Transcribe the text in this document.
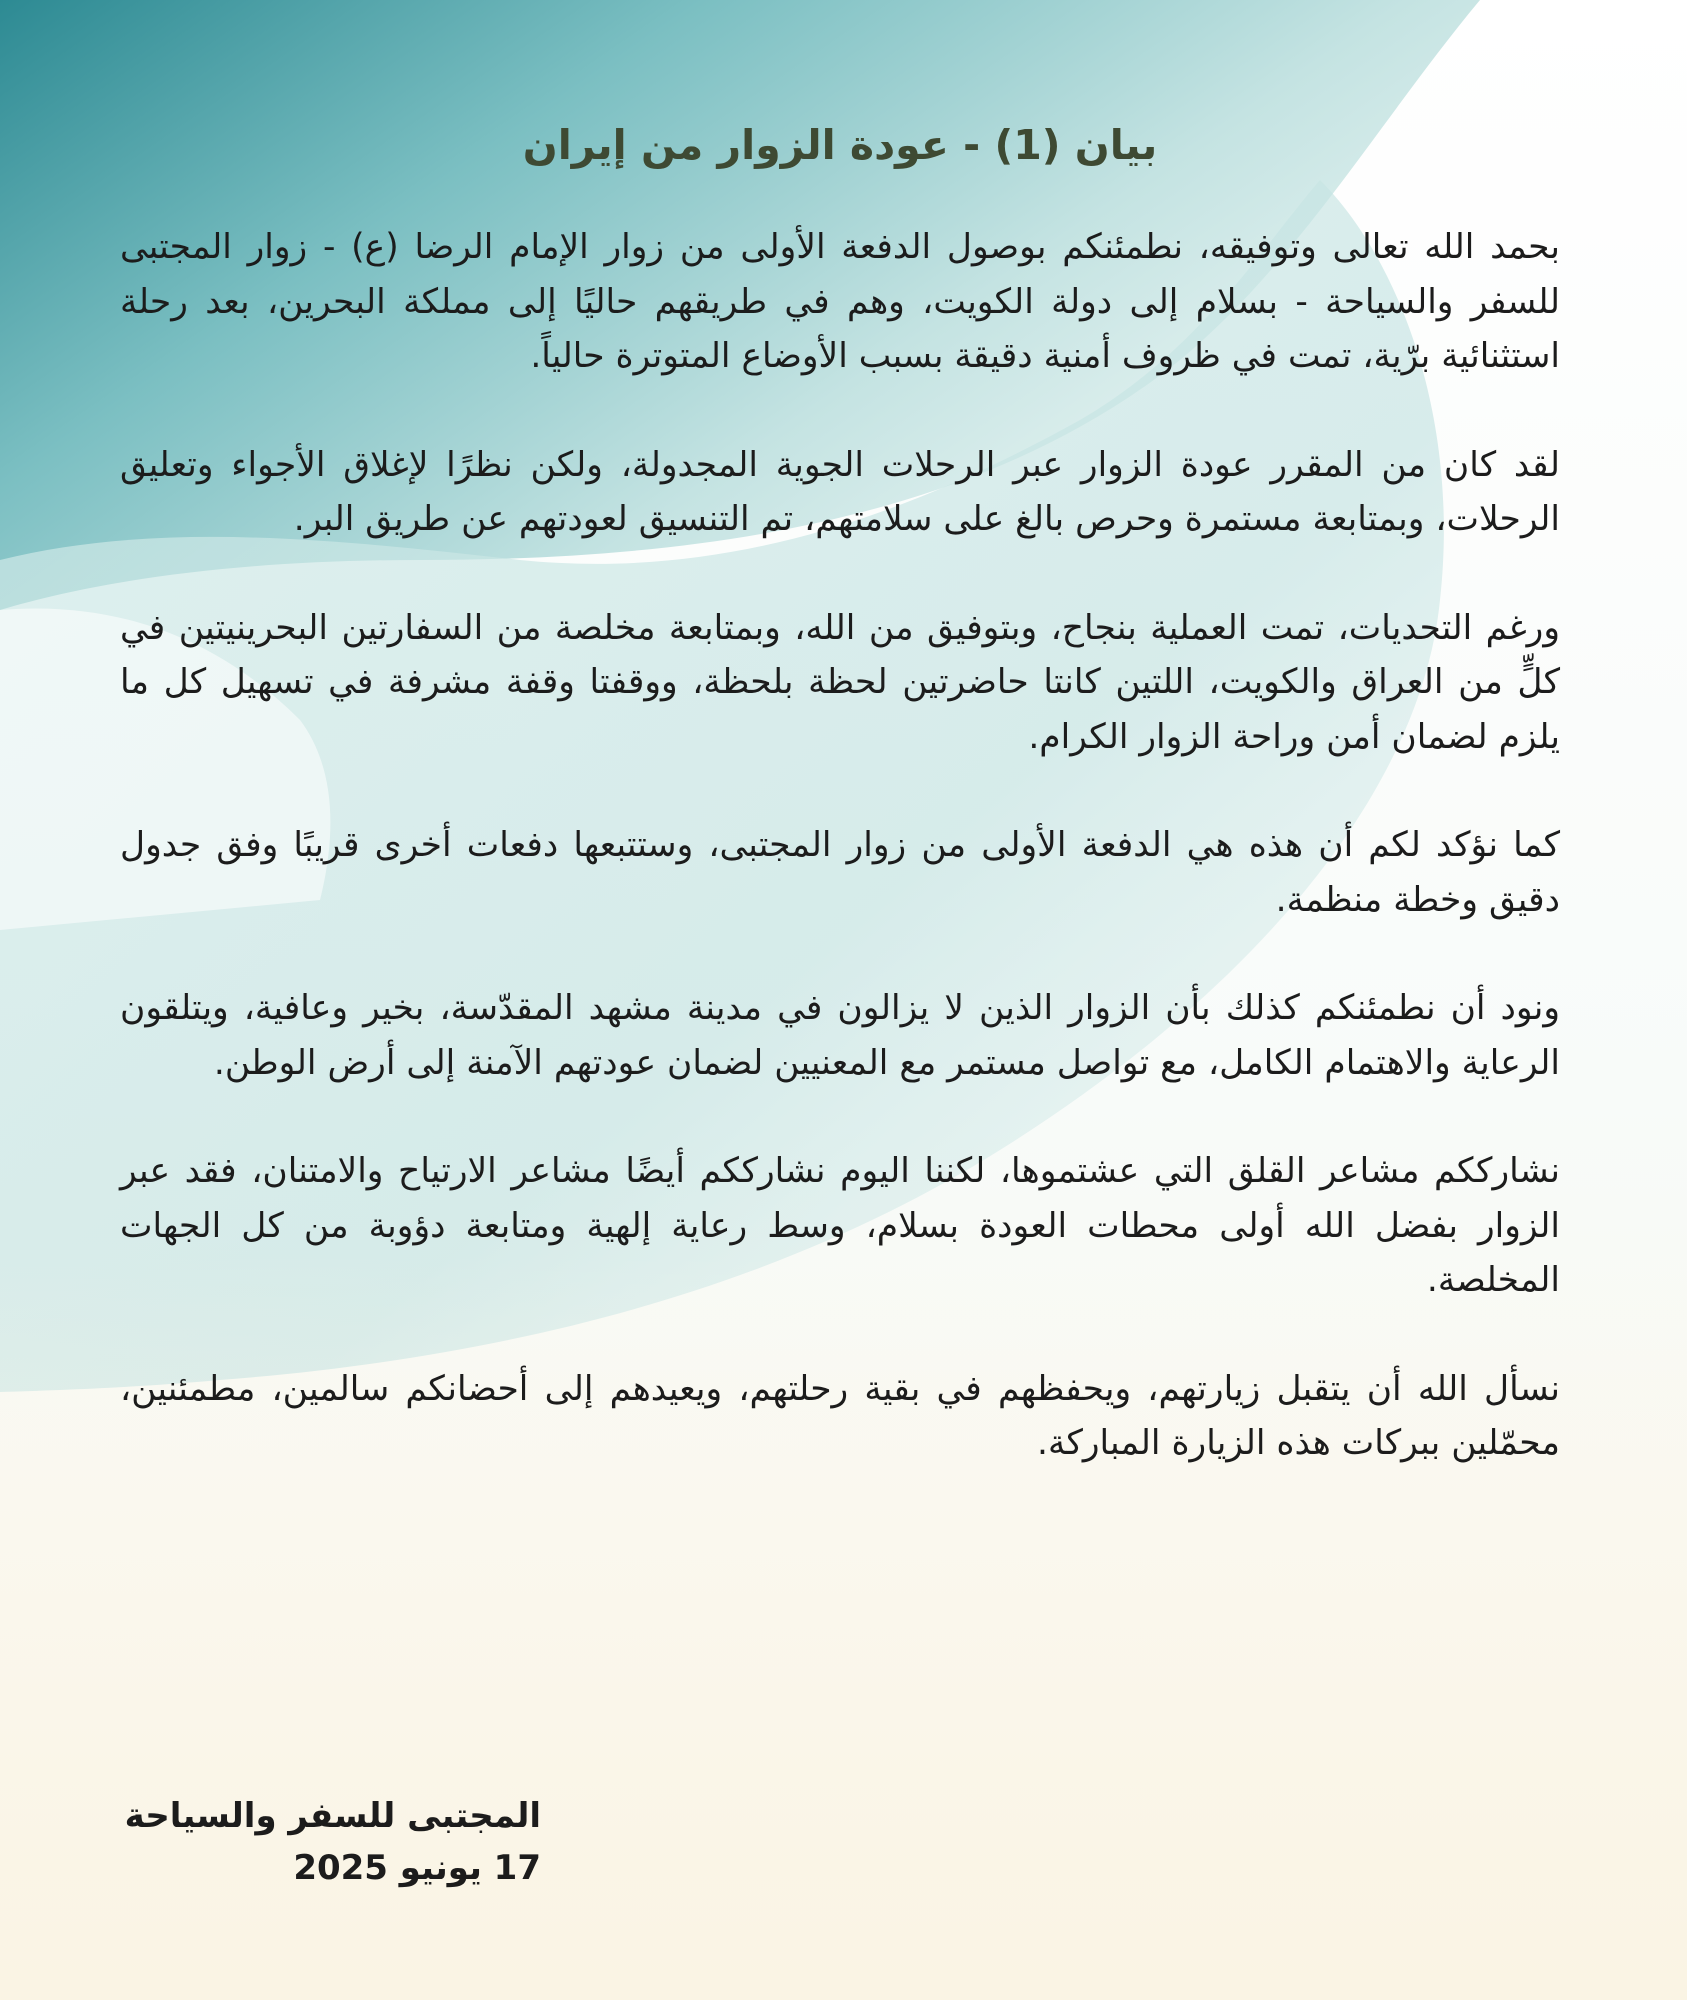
بيان (1) - عودة الزوار من إيران

بحمد الله تعالى وتوفيقه، نطمئنكم بوصول الدفعة الأولى من زوار الإمام الرضا (ع) - زوار المجتبى للسفر والسياحة - بسلام إلى دولة الكويت، وهم في طريقهم حاليًا إلى مملكة البحرين، بعد رحلة استثنائية برّية، تمت في ظروف أمنية دقيقة بسبب الأوضاع المتوترة حالياً.

لقد كان من المقرر عودة الزوار عبر الرحلات الجوية المجدولة، ولكن نظرًا لإغلاق الأجواء وتعليق الرحلات، وبمتابعة مستمرة وحرص بالغ على سلامتهم، تم التنسيق لعودتهم عن طريق البر.

ورغم التحديات، تمت العملية بنجاح، وبتوفيق من الله، وبمتابعة مخلصة من السفارتين البحرينيتين في كلٍّ من العراق والكويت، اللتين كانتا حاضرتين لحظة بلحظة، ووقفتا وقفة مشرفة في تسهيل كل ما يلزم لضمان أمن وراحة الزوار الكرام.

كما نؤكد لكم أن هذه هي الدفعة الأولى من زوار المجتبى، وستتبعها دفعات أخرى قريبًا وفق جدول دقيق وخطة منظمة.

ونود أن نطمئنكم كذلك بأن الزوار الذين لا يزالون في مدينة مشهد المقدّسة، بخير وعافية، ويتلقون الرعاية والاهتمام الكامل، مع تواصل مستمر مع المعنيين لضمان عودتهم الآمنة إلى أرض الوطن.

نشارككم مشاعر القلق التي عشتموها، لكننا اليوم نشارككم أيضًا مشاعر الارتياح والامتنان، فقد عبر الزوار بفضل الله أولى محطات العودة بسلام، وسط رعاية إلهية ومتابعة دؤوبة من كل الجهات المخلصة.

نسأل الله أن يتقبل زيارتهم، ويحفظهم في بقية رحلتهم، ويعيدهم إلى أحضانكم سالمين، مطمئنين، محمّلين ببركات هذه الزيارة المباركة.

المجتبى للسفر والسياحة
17 يونيو 2025
